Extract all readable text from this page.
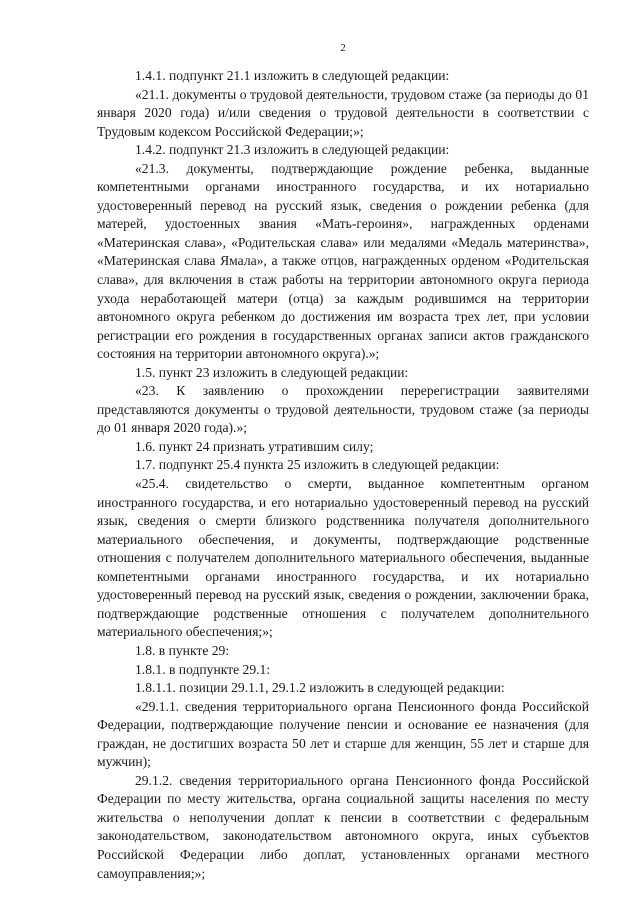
2

1.4.1. подпункт 21.1 изложить в следующей редакции:

«21.1. документы о трудовой деятельности, трудовом стаже (за периоды до 01 января 2020 года) и/или сведения о трудовой деятельности в соответствии с Трудовым кодексом Российской Федерации;»;

1.4.2. подпункт 21.3 изложить в следующей редакции:

«21.3. документы, подтверждающие рождение ребенка, выданные компетентными органами иностранного государства, и их нотариально удостоверенный перевод на русский язык, сведения о рождении ребенка (для матерей, удостоенных звания «Мать-героиня», награжденных орденами «Материнская слава», «Родительская слава» или медалями «Медаль материнства», «Материнская слава Ямала», а также отцов, награжденных орденом «Родительская слава», для включения в стаж работы на территории автономного округа периода ухода неработающей матери (отца) за каждым родившимся на территории автономного округа ребенком до достижения им возраста трех лет, при условии регистрации его рождения в государственных органах записи актов гражданского состояния на территории автономного округа).»;

1.5. пункт 23 изложить в следующей редакции:

«23. К заявлению о прохождении перерегистрации заявителями представляются документы о трудовой деятельности, трудовом стаже (за периоды до 01 января 2020 года).»;

1.6. пункт 24 признать утратившим силу;

1.7. подпункт 25.4 пункта 25 изложить в следующей редакции:

«25.4. свидетельство о смерти, выданное компетентным органом иностранного государства, и его нотариально удостоверенный перевод на русский язык, сведения о смерти близкого родственника получателя дополнительного материального обеспечения, и документы, подтверждающие родственные отношения с получателем дополнительного материального обеспечения, выданные компетентными органами иностранного государства, и их нотариально удостоверенный перевод на русский язык, сведения о рождении, заключении брака, подтверждающие родственные отношения с получателем дополнительного материального обеспечения;»;

1.8. в пункте 29:

1.8.1. в подпункте 29.1:

1.8.1.1. позиции 29.1.1, 29.1.2 изложить в следующей редакции:

«29.1.1. сведения территориального органа Пенсионного фонда Российской Федерации, подтверждающие получение пенсии и основание ее назначения (для граждан, не достигших возраста 50 лет и старше для женщин, 55 лет и старше для мужчин);

29.1.2. сведения территориального органа Пенсионного фонда Российской Федерации по месту жительства, органа социальной защиты населения по месту жительства о неполучении доплат к пенсии в соответствии с федеральным законодательством, законодательством автономного округа, иных субъектов Российской Федерации либо доплат, установленных органами местного самоуправления;»;
